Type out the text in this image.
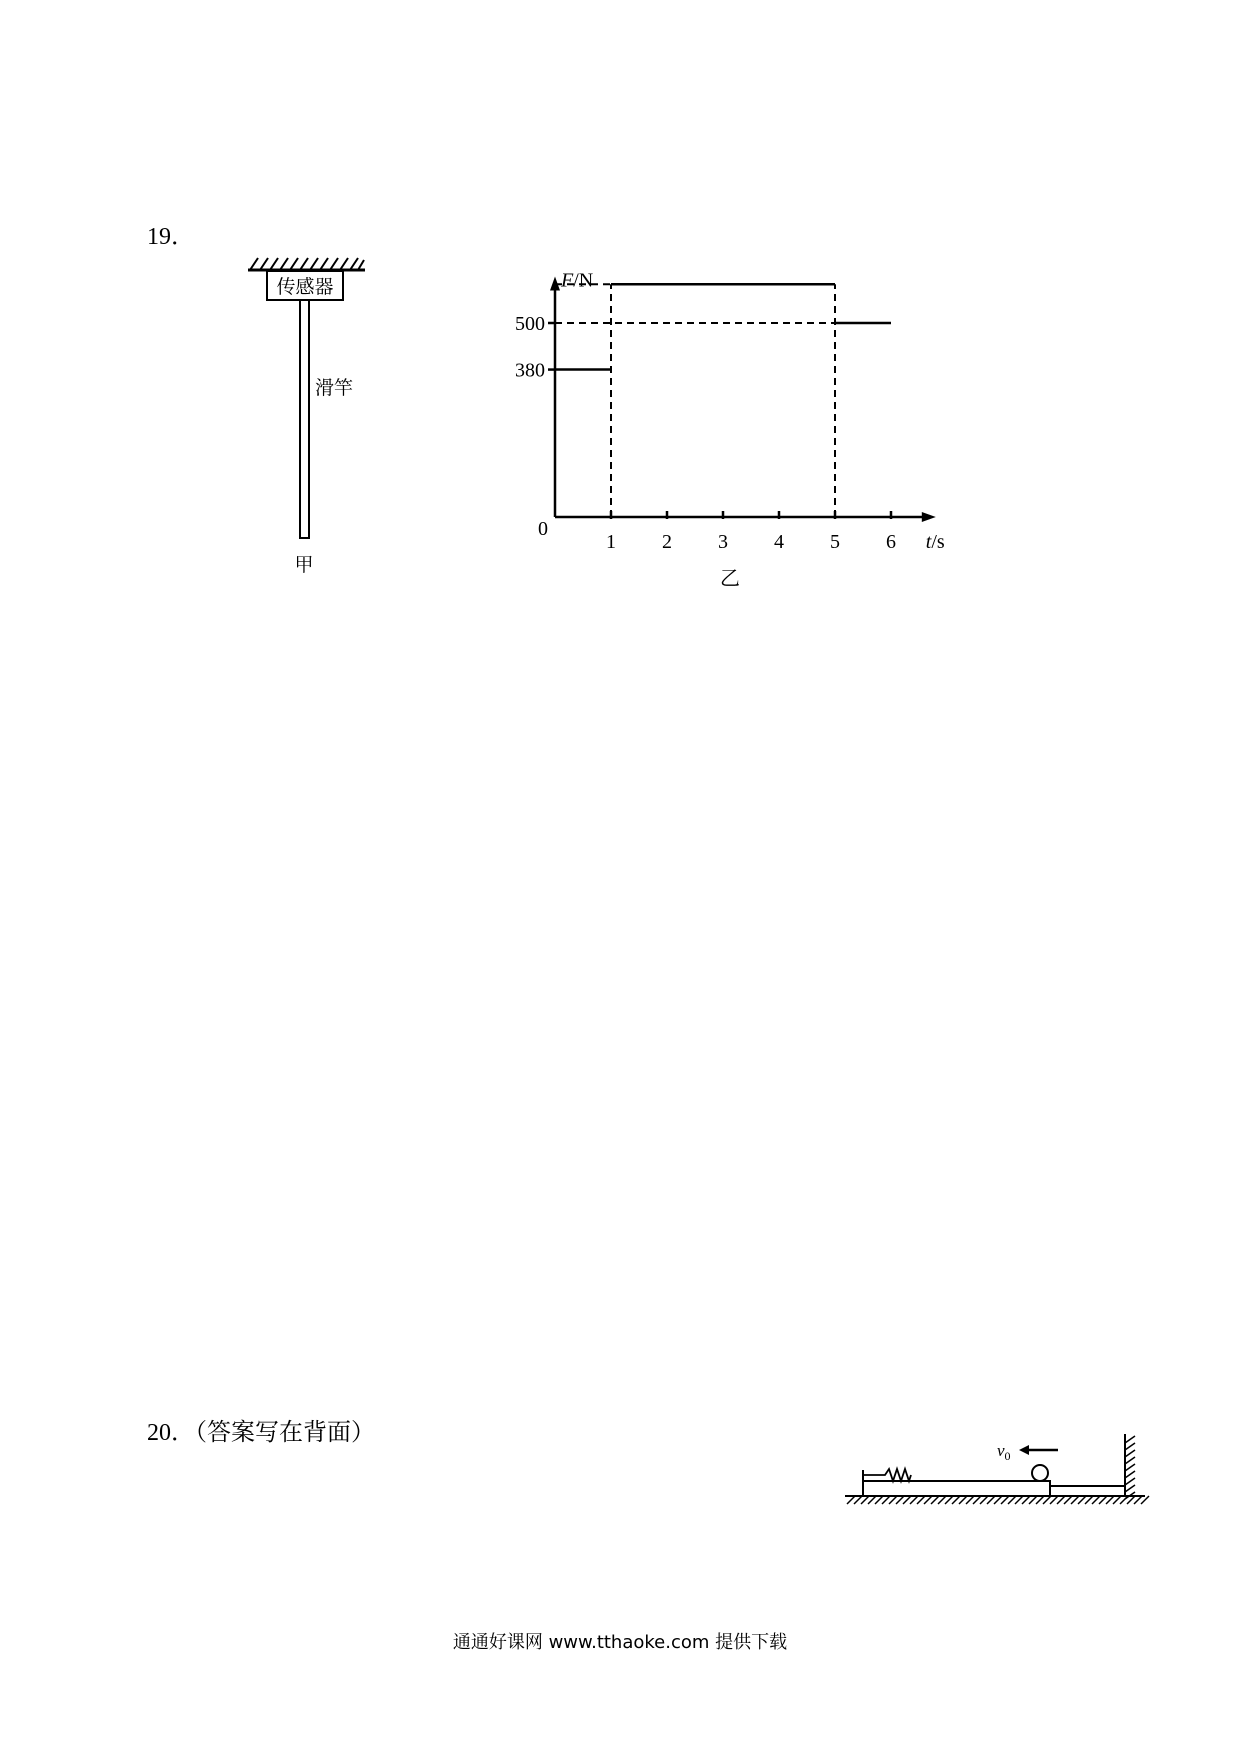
19．
传感器
滑竿
甲
1 2 3 4 5 6
380
500
F/N
t/s
0
乙
20．（答案写在背面）
$v_0$
通通好课网 www.tthaoke.com 提供下载
